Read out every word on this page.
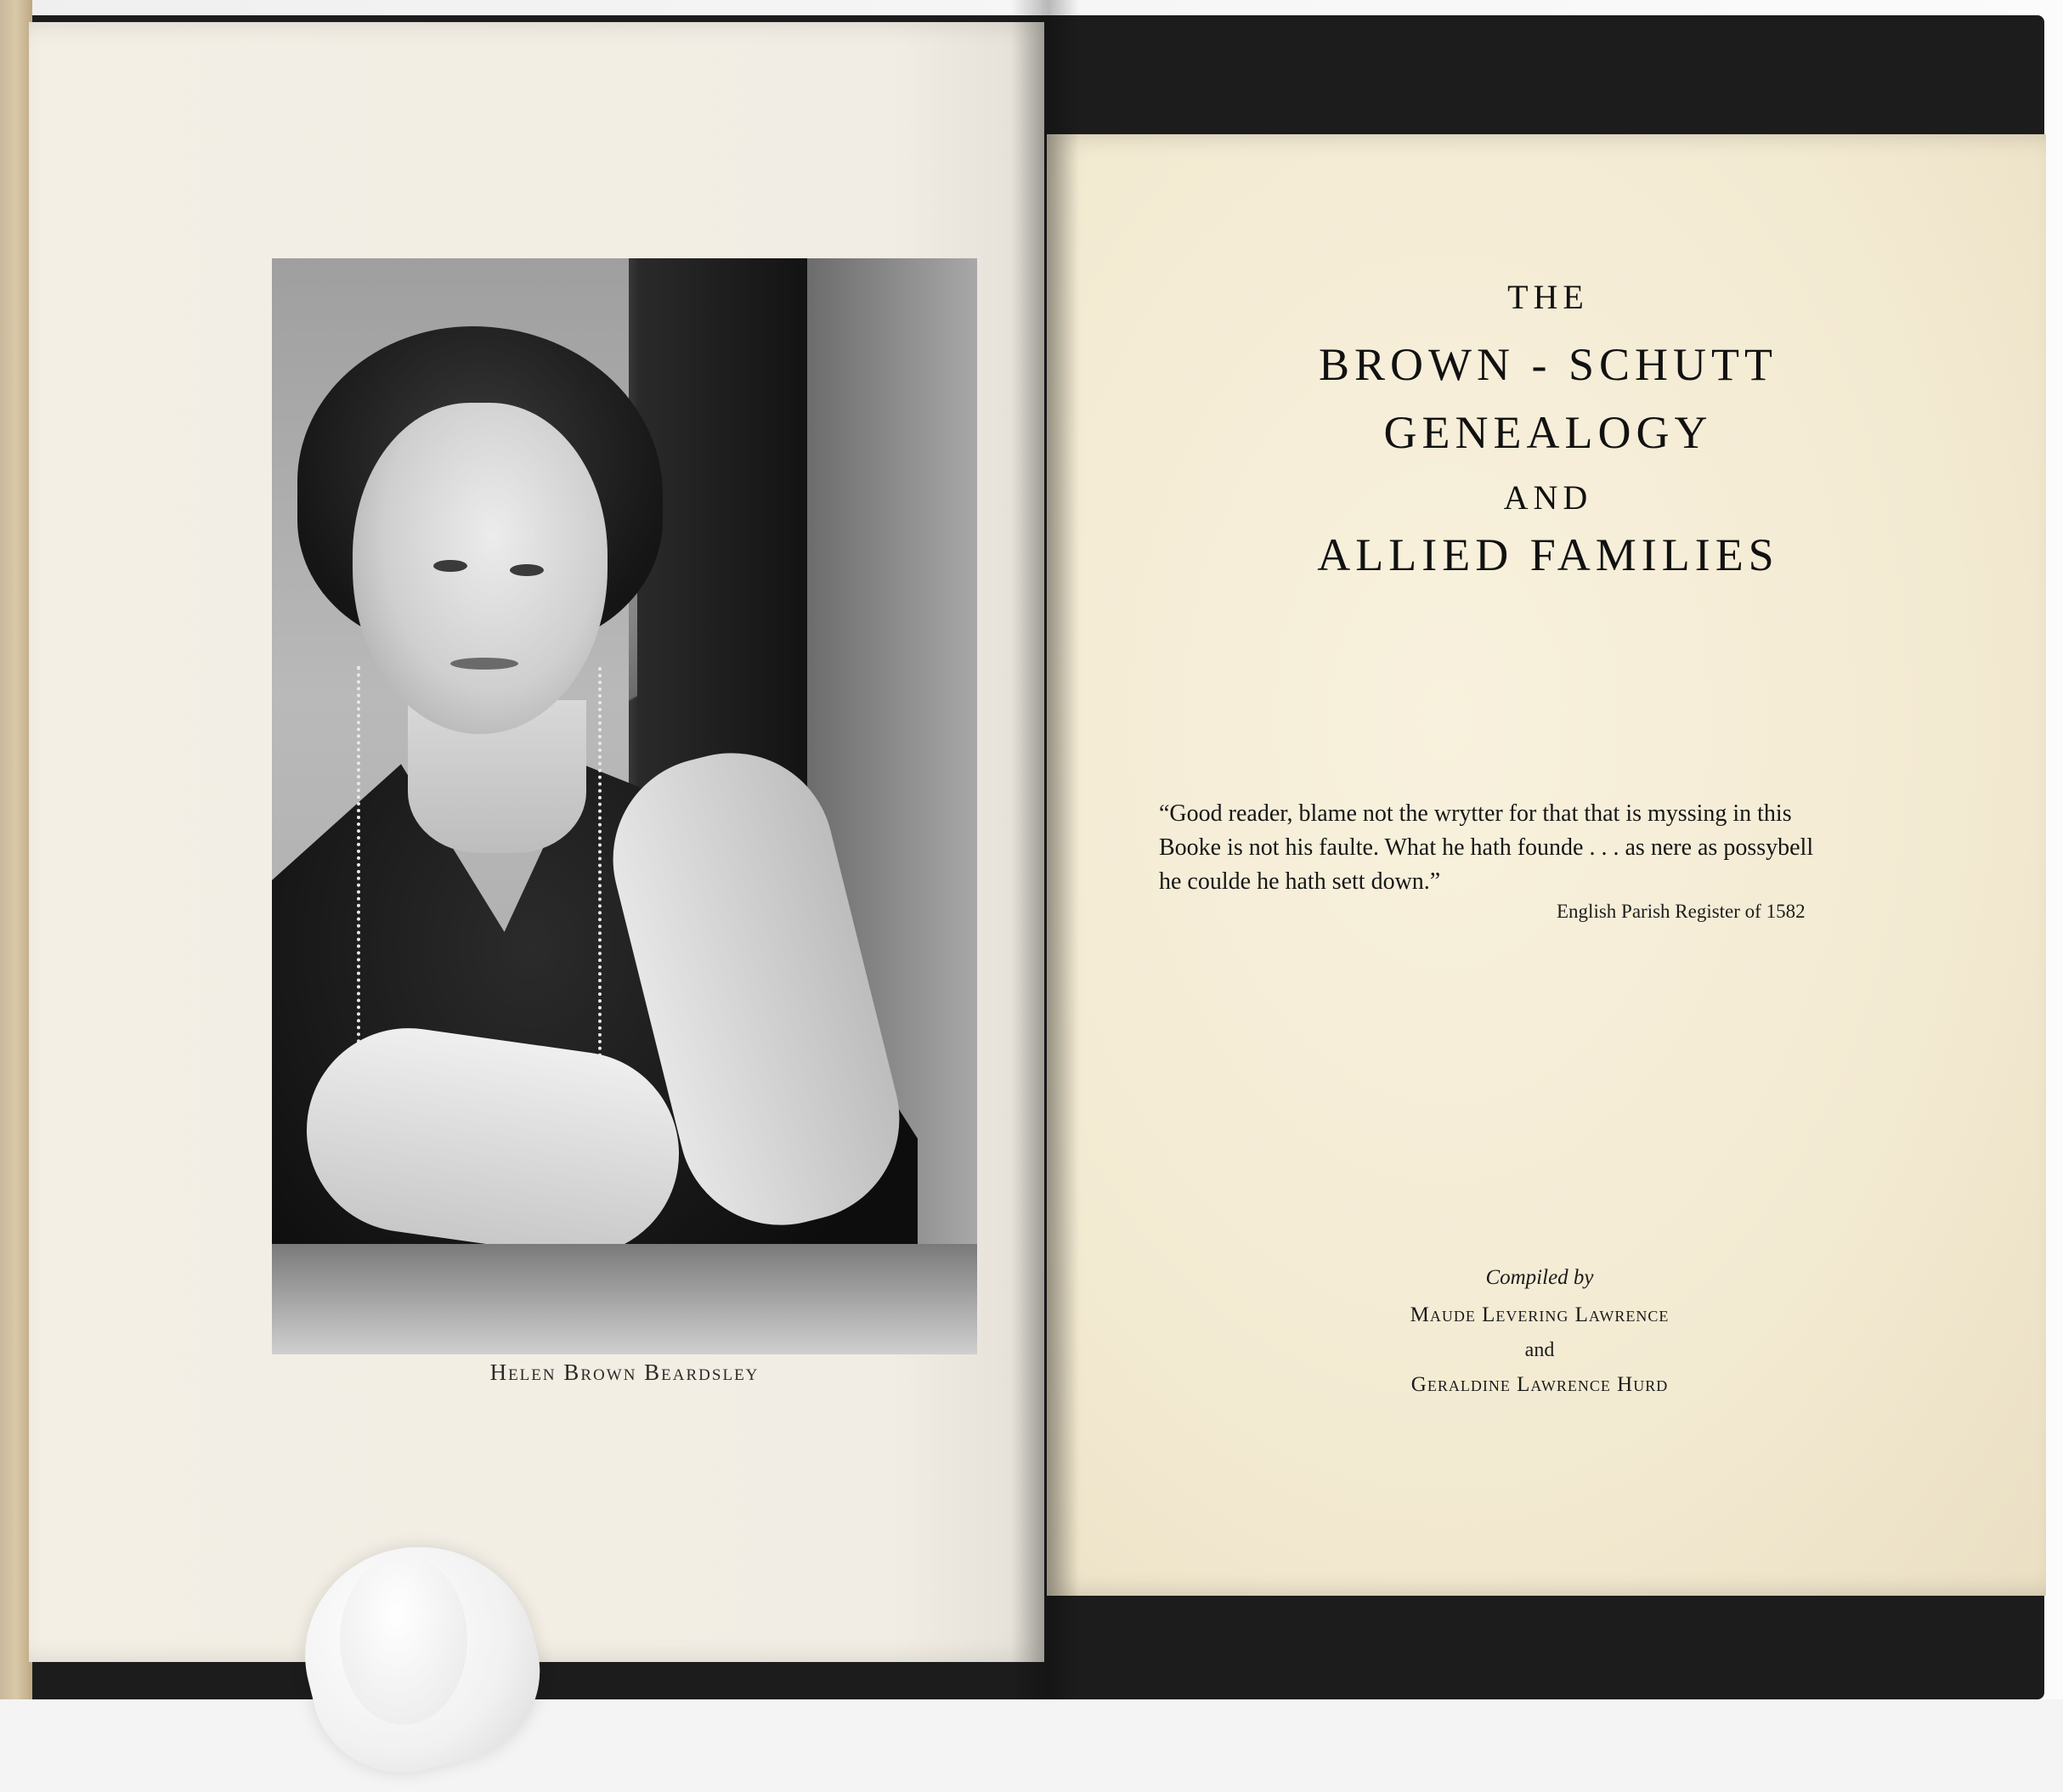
Helen Brown Beardsley
THE
BROWN - SCHUTT
GENEALOGY
AND
ALLIED FAMILIES
“Good reader, blame not the wrytter for that that is myssing in this
Booke is not his faulte. What he hath founde . . . as nere as possybell
he coulde he hath sett down.”
English Parish Register of 1582
Compiled by
Maude Levering Lawrence
and
Geraldine Lawrence Hurd
